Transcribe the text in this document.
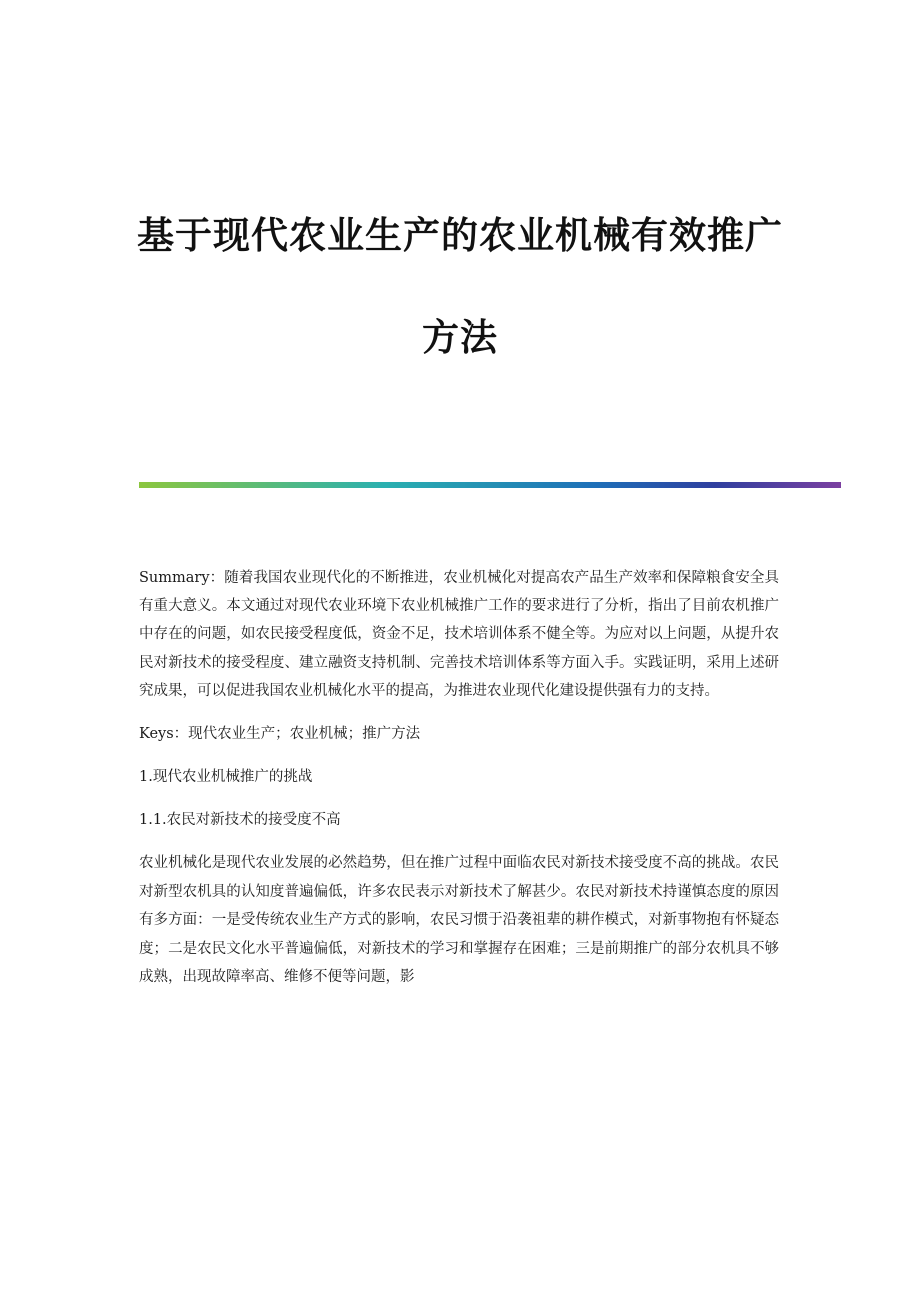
基于现代农业生产的农业机械有效推广
方法

Summary：随着我国农业现代化的不断推进，农业机械化对提高农产品生产效率和保障粮食安全具有重大意义。本文通过对现代农业环境下农业机械推广工作的要求进行了分析，指出了目前农机推广中存在的问题，如农民接受程度低，资金不足，技术培训体系不健全等。为应对以上问题，从提升农民对新技术的接受程度、建立融资支持机制、完善技术培训体系等方面入手。实践证明，采用上述研究成果，可以促进我国农业机械化水平的提高，为推进农业现代化建设提供强有力的支持。

Keys：现代农业生产；农业机械；推广方法

1.现代农业机械推广的挑战

1.1.农民对新技术的接受度不高

农业机械化是现代农业发展的必然趋势，但在推广过程中面临农民对新技术接受度不高的挑战。农民对新型农机具的认知度普遍偏低，许多农民表示对新技术了解甚少。农民对新技术持谨慎态度的原因有多方面：一是受传统农业生产方式的影响，农民习惯于沿袭祖辈的耕作模式，对新事物抱有怀疑态度；二是农民文化水平普遍偏低，对新技术的学习和掌握存在困难；三是前期推广的部分农机具不够成熟，出现故障率高、维修不便等问题，影
